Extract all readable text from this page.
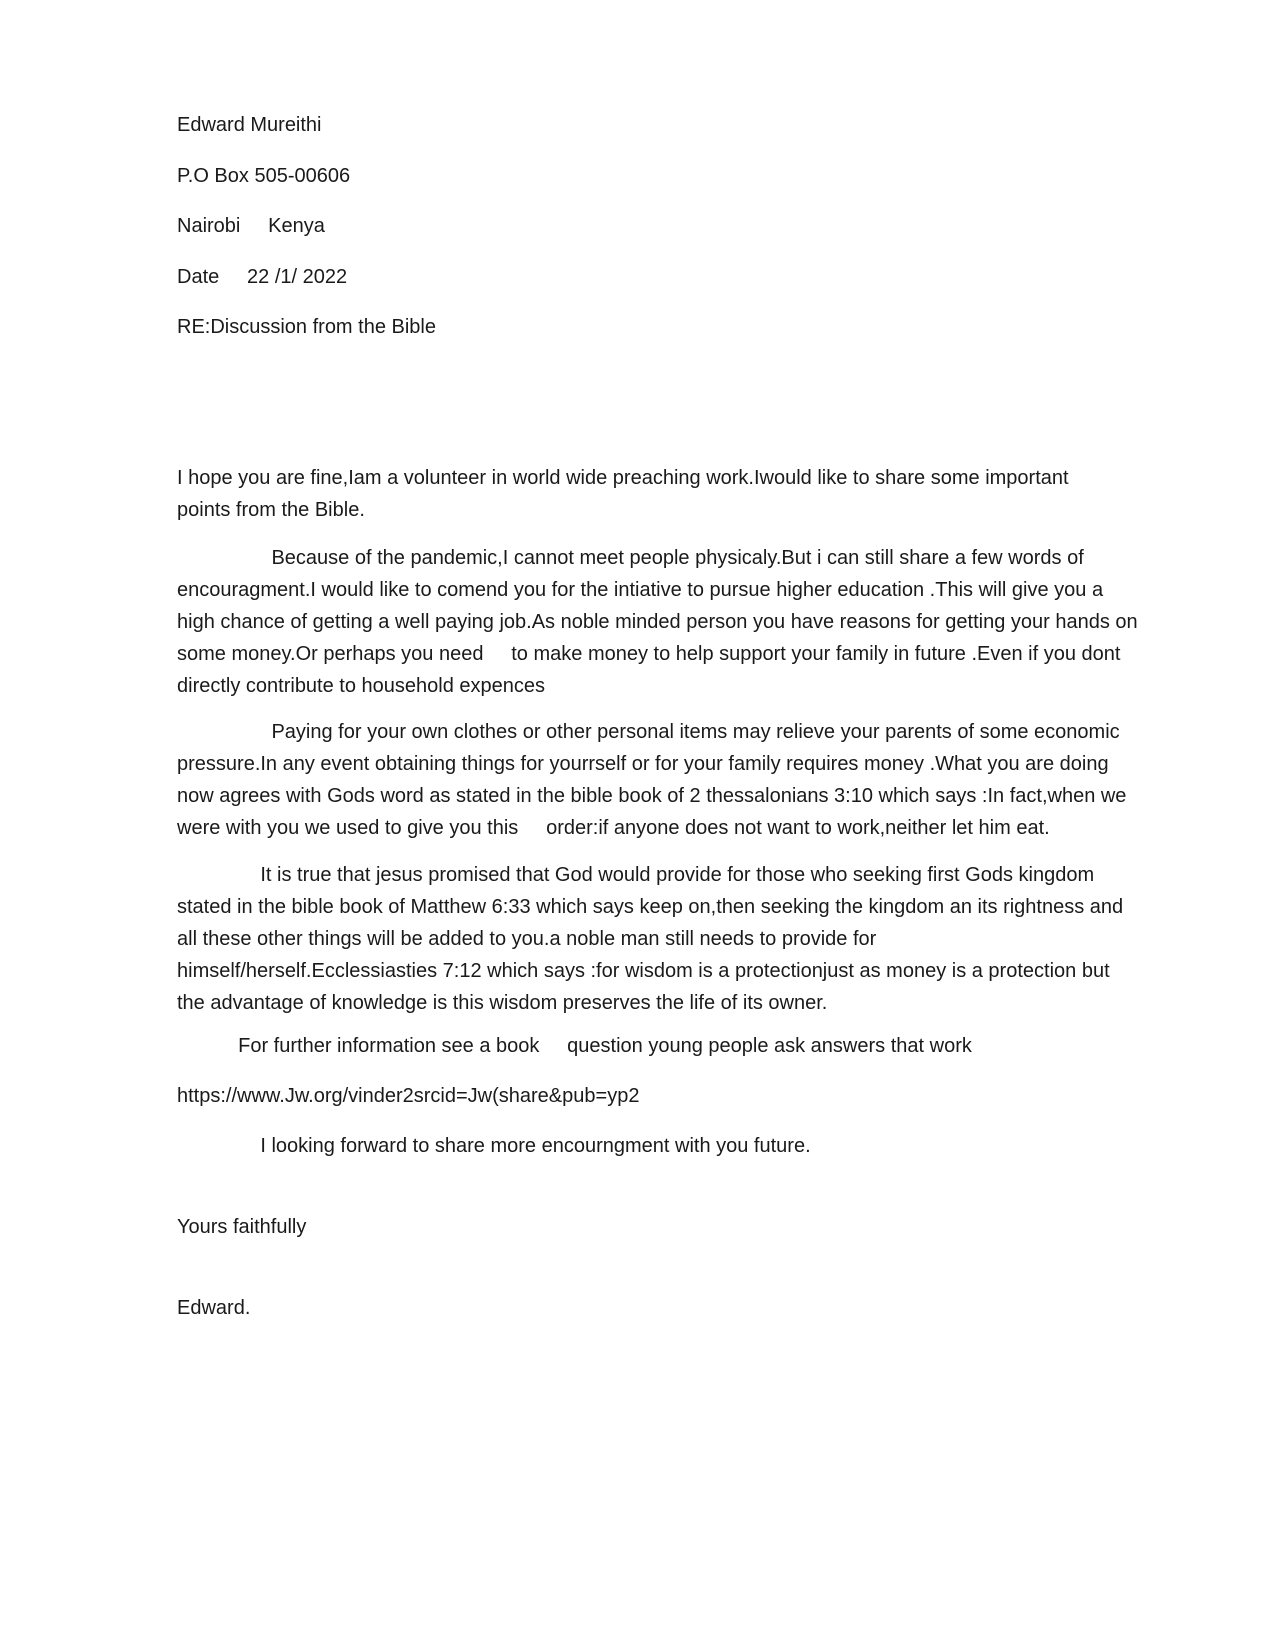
Edward Mureithi

P.O Box 505-00606

Nairobi     Kenya

Date     22 /1/ 2022

RE:Discussion from the Bible

I hope you are fine,Iam a volunteer in world wide preaching work.Iwould like to share some important
points from the Bible.
Because of the pandemic,I cannot meet people physicaly.But i can still share a few words of
encouragment.I would like to comend you for the intiative to pursue higher education .This will give you a
high chance of getting a well paying job.As noble minded person you have reasons for getting your hands on
some money.Or perhaps you need     to make money to help support your family in future .Even if you dont
directly contribute to household expences
Paying for your own clothes or other personal items may relieve your parents of some economic
pressure.In any event obtaining things for yourrself or for your family requires money .What you are doing
now agrees with Gods word as stated in the bible book of 2 thessalonians 3:10 which says :In fact,when we
were with you we used to give you this     order:if anyone does not want to work,neither let him eat.
It is true that jesus promised that God would provide for those who seeking first Gods kingdom
stated in the bible book of Matthew 6:33 which says keep on,then seeking the kingdom an its rightness and
all these other things will be added to you.a noble man still needs to provide for
himself/herself.Ecclessiasties 7:12 which says :for wisdom is a protectionjust as money is a protection but
the advantage of knowledge is this wisdom preserves the life of its owner.

For further information see a book     question young people ask answers that work

https://www.Jw.org/vinder2srcid=Jw(share&pub=yp2

I looking forward to share more encourngment with you future.

Yours faithfully

Edward.
